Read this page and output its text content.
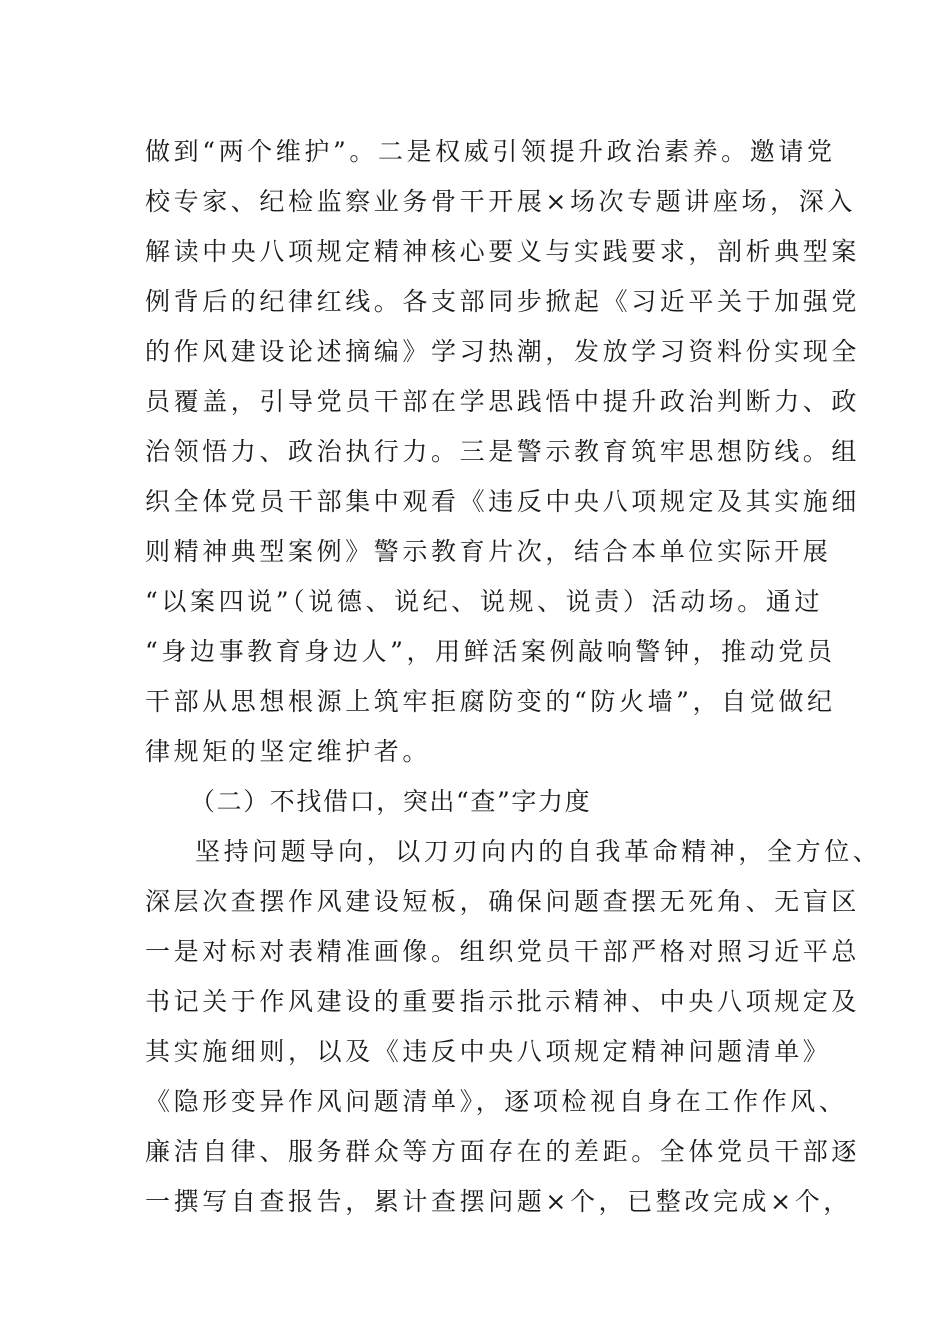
做到“两个维护”。二是权威引领提升政治素养。邀请党
校专家、纪检监察业务骨干开展×场次专题讲座场，深入
解读中央八项规定精神核心要义与实践要求，剖析典型案
例背后的纪律红线。各支部同步掀起《习近平关于加强党
的作风建设论述摘编》学习热潮，发放学习资料份实现全
员覆盖，引导党员干部在学思践悟中提升政治判断力、政
治领悟力、政治执行力。三是警示教育筑牢思想防线。组
织全体党员干部集中观看《违反中央八项规定及其实施细
则精神典型案例》警示教育片次，结合本单位实际开展
“以案四说”（说德、说纪、说规、说责）活动场。通过
“身边事教育身边人”，用鲜活案例敲响警钟，推动党员
干部从思想根源上筑牢拒腐防变的“防火墙”，自觉做纪
律规矩的坚定维护者。
（二）不找借口，突出“查”字力度
坚持问题导向，以刀刃向内的自我革命精神，全方位、
深层次查摆作风建设短板，确保问题查摆无死角、无盲区
一是对标对表精准画像。组织党员干部严格对照习近平总
书记关于作风建设的重要指示批示精神、中央八项规定及
其实施细则，以及《违反中央八项规定精神问题清单》
《隐形变异作风问题清单》，逐项检视自身在工作作风、
廉洁自律、服务群众等方面存在的差距。全体党员干部逐
一撰写自查报告，累计查摆问题×个，已整改完成×个，
